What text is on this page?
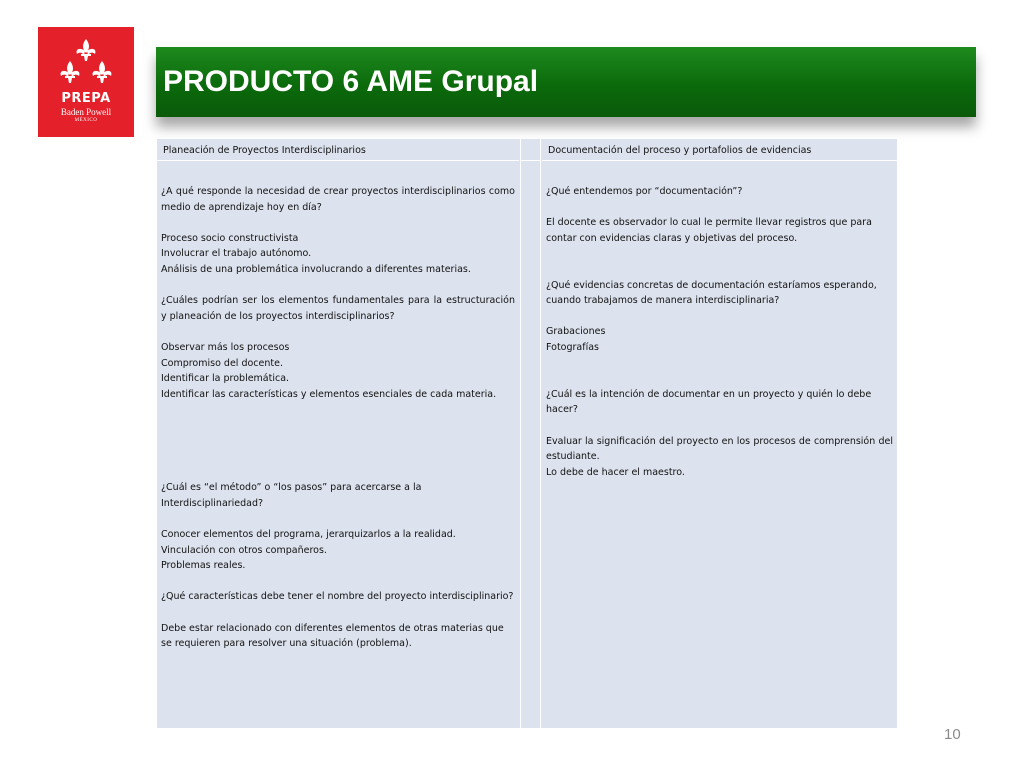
PREPA
Baden Powell
MÉXICO
PRODUCTO 6 AME Grupal
Planeación de Proyectos Interdisciplinarios

¿A qué responde la necesidad de crear proyectos interdisciplinarios como medio de aprendizaje hoy en día?

Proceso socio constructivista
Involucrar el trabajo autónomo.
Análisis de una problemática involucrando a diferentes materias.

¿Cuáles podrían ser los elementos fundamentales para la estructuración y planeación de los proyectos interdisciplinarios?

Observar más los procesos
Compromiso del docente.
Identificar la problemática.
Identificar las características y elementos esenciales de cada materia.

¿Cuál es “el método” o “los pasos” para acercarse a la Interdisciplinariedad?

Conocer elementos del programa, jerarquizarlos a la realidad.
Vinculación con otros compañeros.
Problemas reales.

¿Qué características debe tener el nombre del proyecto interdisciplinario?

Debe estar relacionado con diferentes elementos de otras materias que se requieren para resolver una situación (problema).

Documentación del proceso y portafolios de evidencias

¿Qué entendemos por “documentación”?

El docente es observador lo cual le permite llevar registros que para contar con evidencias claras y objetivas del proceso.

¿Qué evidencias concretas de documentación estaríamos esperando, cuando trabajamos de manera interdisciplinaria?

Grabaciones
Fotografías

¿Cuál es la intención de documentar en un proyecto y quién lo debe hacer?

Evaluar la significación del proyecto en los procesos de comprensión del estudiante.
Lo debe de hacer el maestro.

10
